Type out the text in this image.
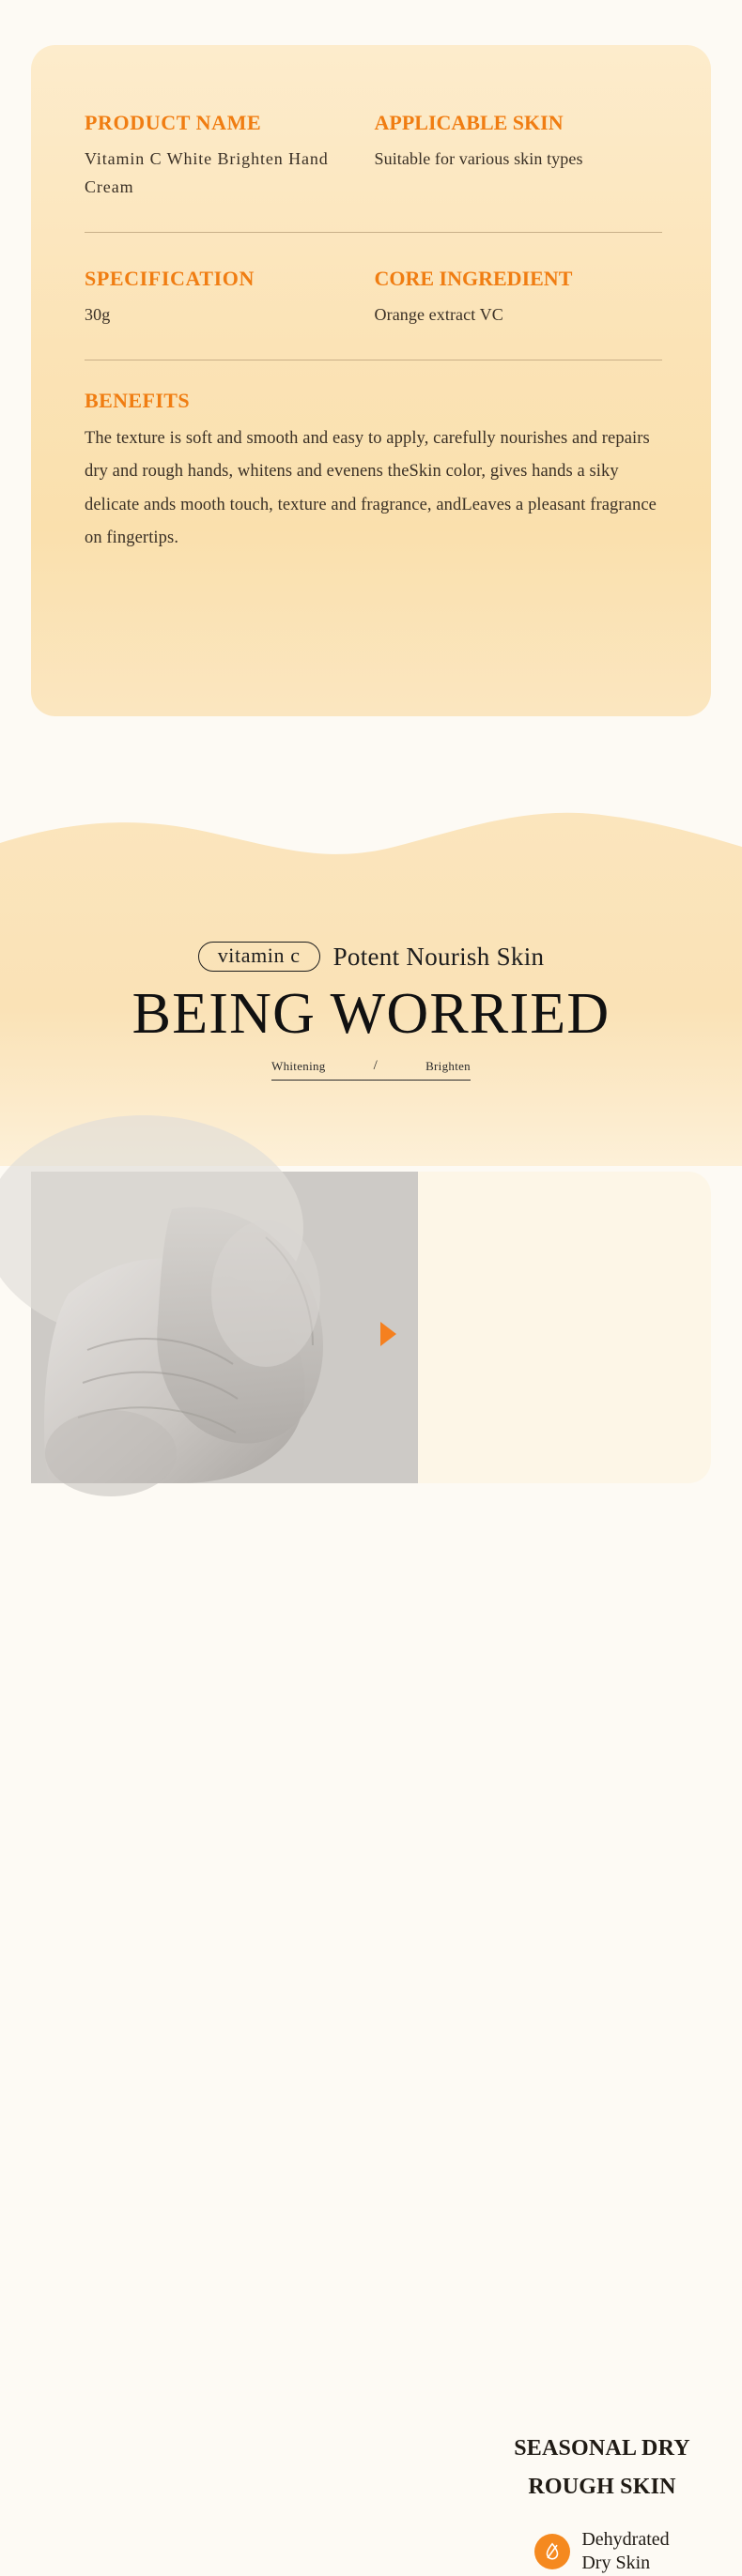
PRODUCT NAME
Vitamin C White Brighten Hand Cream
APPLICABLE SKIN
Suitable for various skin types
SPECIFICATION
30g
CORE INGREDIENT
Orange extract VC
BENEFITS
The texture is soft and smooth and easy to apply, carefully nourishes and repairs dry and rough hands, whitens and evenens theSkin color, gives hands a siky delicate ands mooth touch, texture and fragrance, andLeaves a pleasant fragrance on fingertips.
vitamin c	Potent Nourish Skin
BEING WORRIED
Whitening	/	Brighten
SEASONAL DRY
ROUGH SKIN
Dehydrated
Dry Skin
